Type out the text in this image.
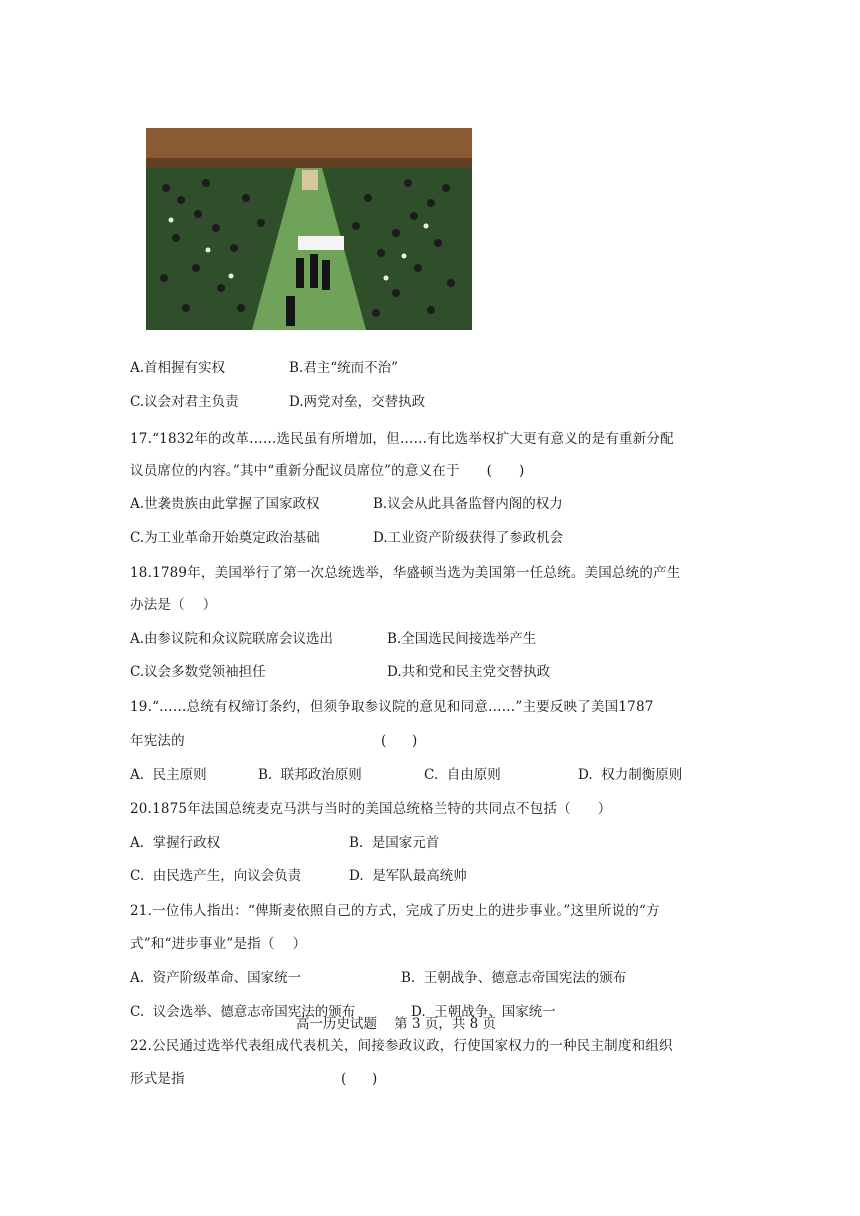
A.首相握有实权	B.君主“统而不治”
C.议会对君主负责	D.两党对垒，交替执政
17.“1832年的改革……选民虽有所增加，但……有比选举权扩大更有意义的是有重新分配
议员席位的内容。”其中“重新分配议员席位”的意义在于      (      )
A.世袭贵族由此掌握了国家政权	B.议会从此具备监督内阁的权力
C.为工业革命开始奠定政治基础	D.工业资产阶级获得了参政机会
18.1789年，美国举行了第一次总统选举，华盛顿当选为美国第一任总统。美国总统的产生
办法是（    ）
A.由参议院和众议院联席会议选出	B.全国选民间接选举产生
C.议会多数党领袖担任	D.共和党和民主党交替执政
19.“……总统有权缔订条约，但须争取参议院的意见和同意……”主要反映了美国1787
年宪法的	(      )
A.  民主原则	B.  联邦政治原则	C.  自由原则	D.  权力制衡原则
20.1875年法国总统麦克马洪与当时的美国总统格兰特的共同点不包括（      ）
A.  掌握行政权	B.  是国家元首
C.  由民选产生，向议会负责	D.  是军队最高统帅
21.一位伟人指出：“俾斯麦依照自己的方式，完成了历史上的进步事业。”这里所说的“方
式”和“进步事业”是指（    ）
A.  资产阶级革命、国家统一	B.  王朝战争、德意志帝国宪法的颁布
C.  议会选举、德意志帝国宪法的颁布	D.  王朝战争、国家统一
高一历史试题    第 3 页，共 8 页
22.公民通过选举代表组成代表机关，间接参政议政，行使国家权力的一种民主制度和组织
形式是指	(      )
